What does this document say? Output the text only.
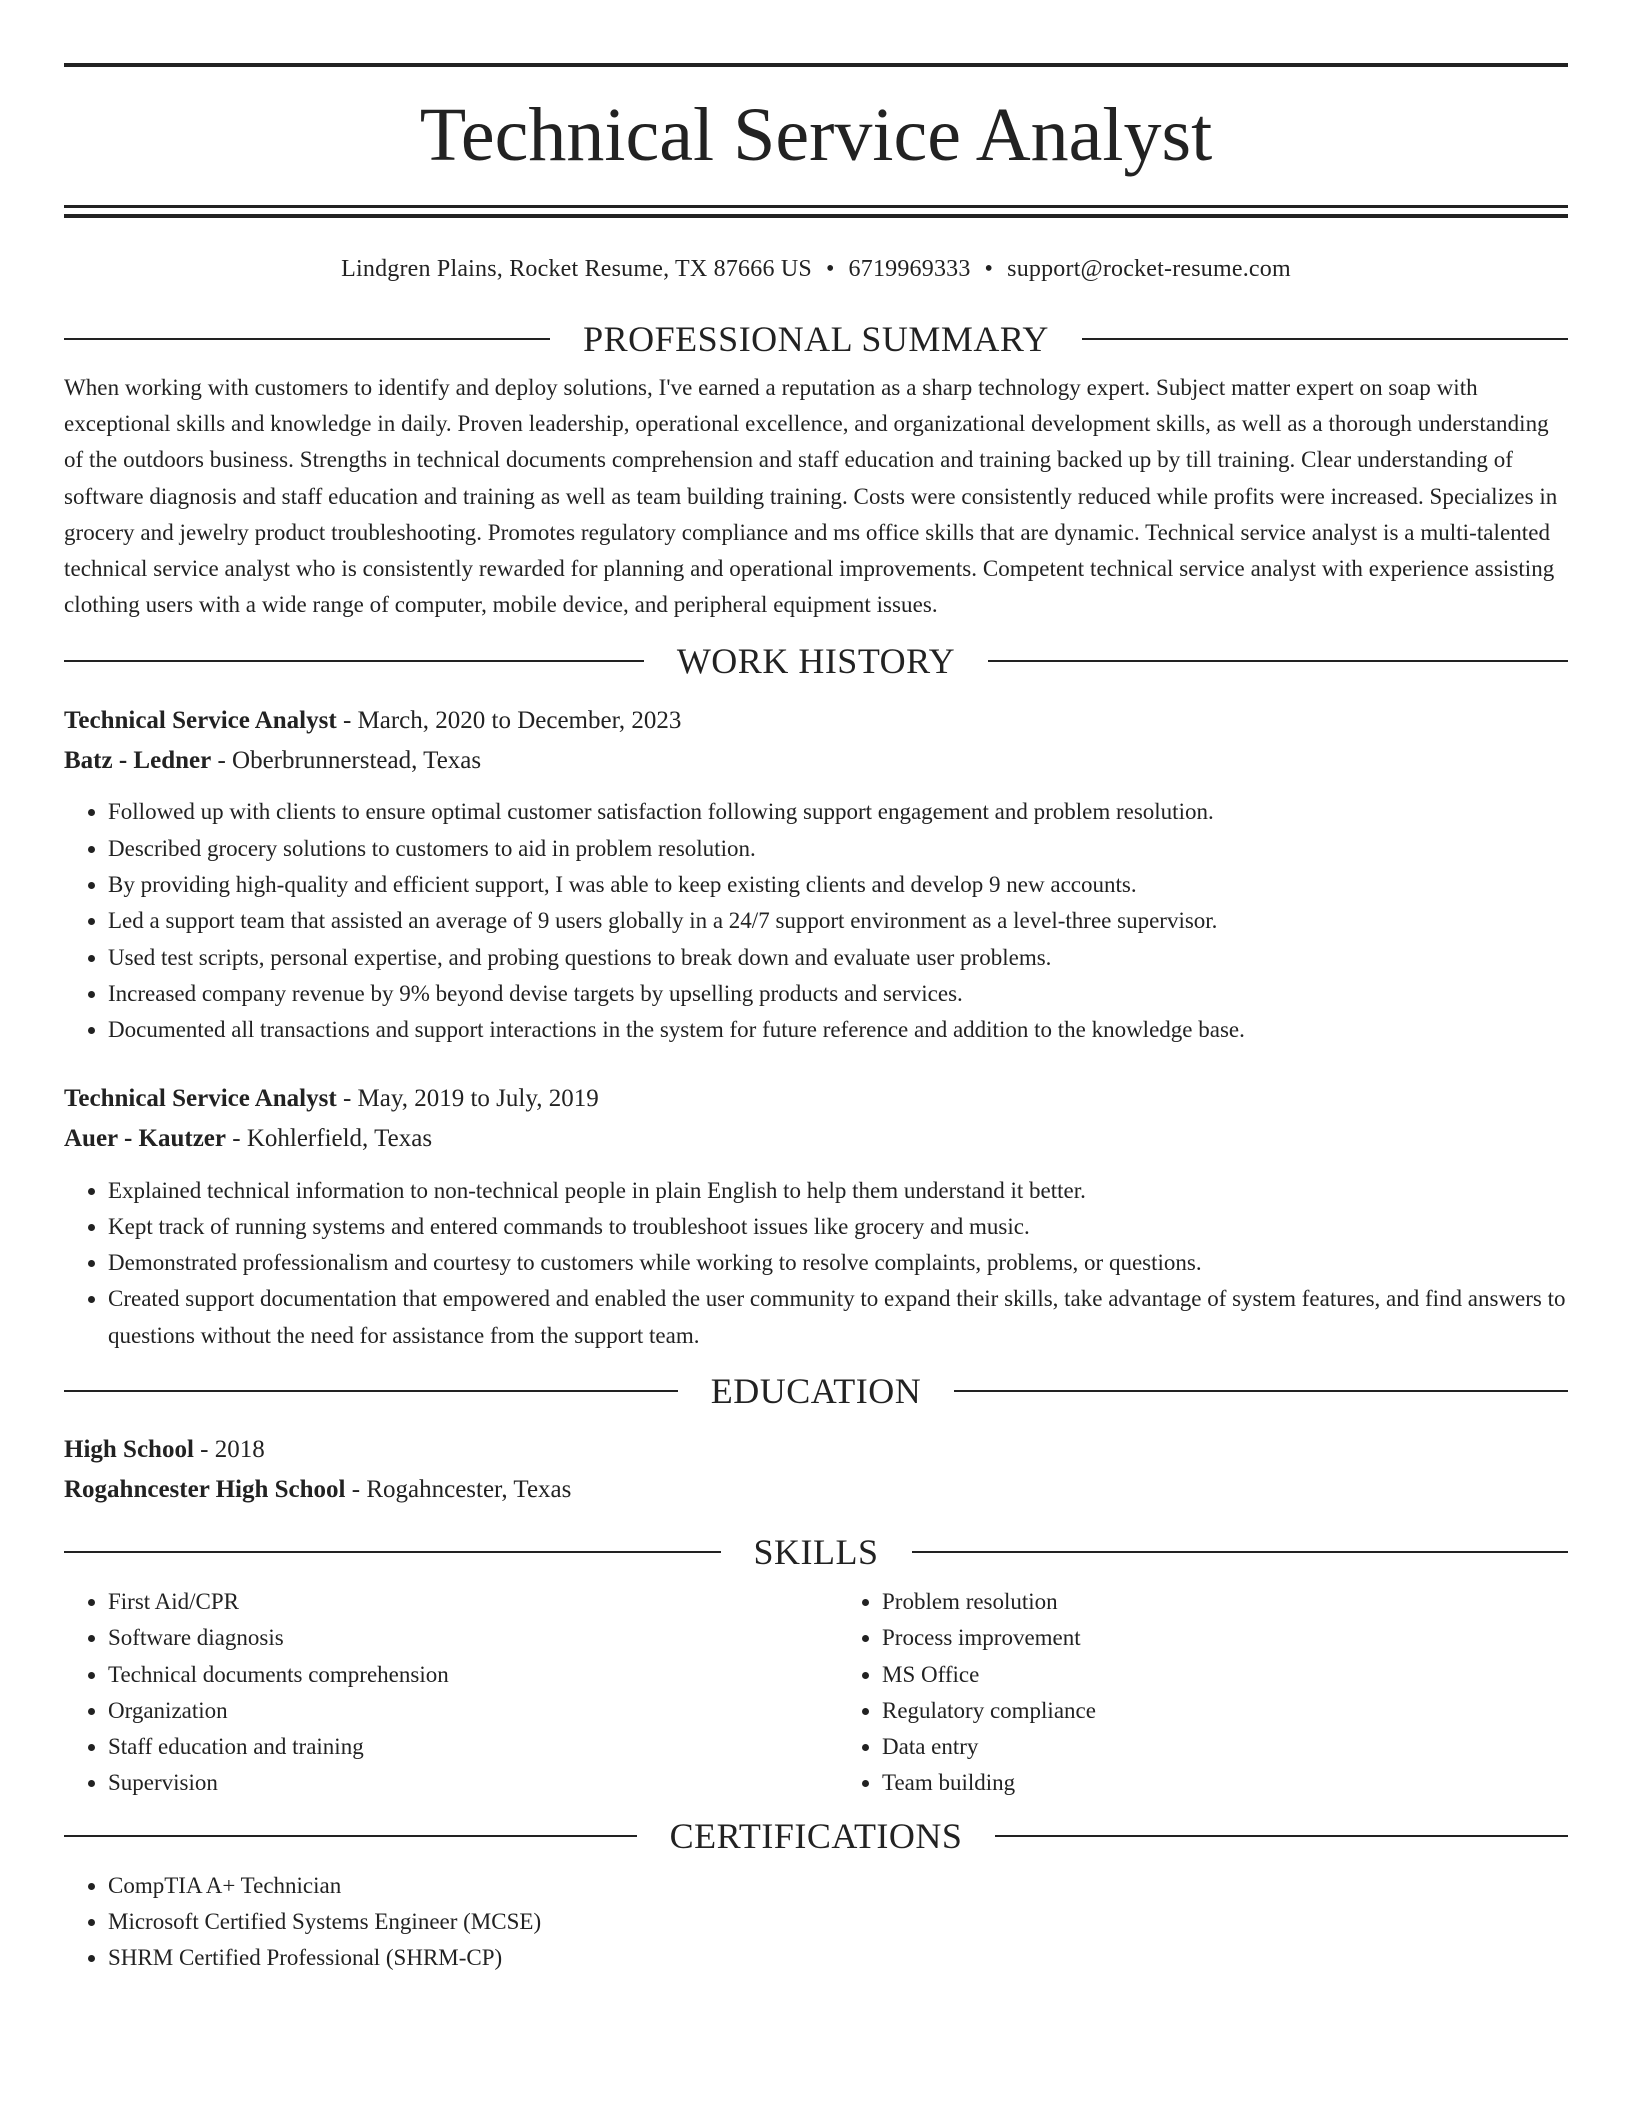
Technical Service Analyst
Lindgren Plains, Rocket Resume, TX 87666 US • 6719969333 • support@rocket-resume.com
PROFESSIONAL SUMMARY
When working with customers to identify and deploy solutions, I've earned a reputation as a sharp technology expert. Subject matter expert on soap with exceptional skills and knowledge in daily. Proven leadership, operational excellence, and organizational development skills, as well as a thorough understanding of the outdoors business. Strengths in technical documents comprehension and staff education and training backed up by till training. Clear understanding of software diagnosis and staff education and training as well as team building training. Costs were consistently reduced while profits were increased. Specializes in grocery and jewelry product troubleshooting. Promotes regulatory compliance and ms office skills that are dynamic. Technical service analyst is a multi-talented technical service analyst who is consistently rewarded for planning and operational improvements. Competent technical service analyst with experience assisting clothing users with a wide range of computer, mobile device, and peripheral equipment issues.
WORK HISTORY
Technical Service Analyst - March, 2020 to December, 2023
Batz - Ledner - Oberbrunnerstead, Texas
• Followed up with clients to ensure optimal customer satisfaction following support engagement and problem resolution.
• Described grocery solutions to customers to aid in problem resolution.
• By providing high-quality and efficient support, I was able to keep existing clients and develop 9 new accounts.
• Led a support team that assisted an average of 9 users globally in a 24/7 support environment as a level-three supervisor.
• Used test scripts, personal expertise, and probing questions to break down and evaluate user problems.
• Increased company revenue by 9% beyond devise targets by upselling products and services.
• Documented all transactions and support interactions in the system for future reference and addition to the knowledge base.
Technical Service Analyst - May, 2019 to July, 2019
Auer - Kautzer - Kohlerfield, Texas
• Explained technical information to non-technical people in plain English to help them understand it better.
• Kept track of running systems and entered commands to troubleshoot issues like grocery and music.
• Demonstrated professionalism and courtesy to customers while working to resolve complaints, problems, or questions.
• Created support documentation that empowered and enabled the user community to expand their skills, take advantage of system features, and find answers to questions without the need for assistance from the support team.
EDUCATION
High School - 2018
Rogahncester High School - Rogahncester, Texas
SKILLS
• First Aid/CPR
• Software diagnosis
• Technical documents comprehension
• Organization
• Staff education and training
• Supervision
• Problem resolution
• Process improvement
• MS Office
• Regulatory compliance
• Data entry
• Team building
CERTIFICATIONS
• CompTIA A+ Technician
• Microsoft Certified Systems Engineer (MCSE)
• SHRM Certified Professional (SHRM-CP)
